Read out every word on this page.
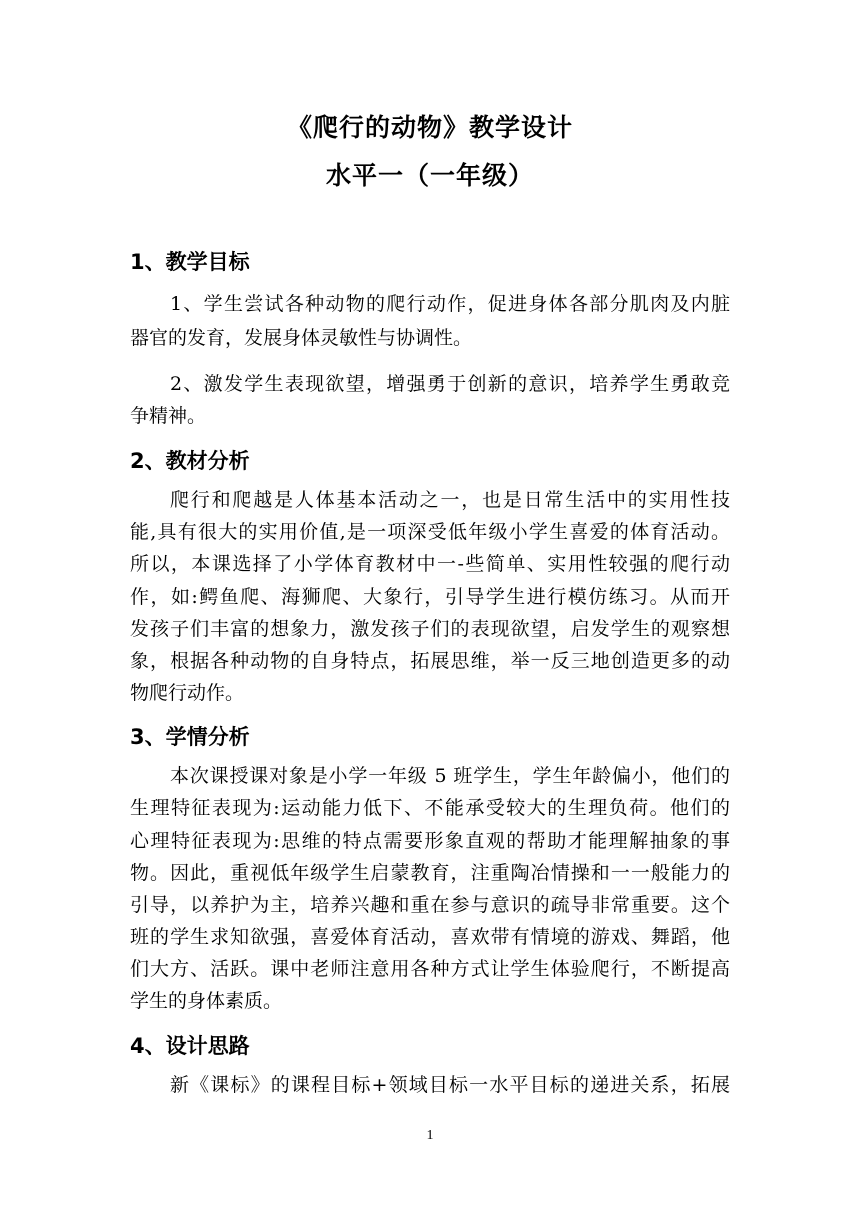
《爬行的动物》教学设计
水平一（一年级）
1、教学目标
1、学生尝试各种动物的爬行动作，促进身体各部分肌肉及内脏
器官的发育，发展身体灵敏性与协调性。
2、激发学生表现欲望，增强勇于创新的意识，培养学生勇敢竞
争精神。
2、教材分析
爬行和爬越是人体基本活动之一，也是日常生活中的实用性技
能,具有很大的实用价值,是一项深受低年级小学生喜爱的体育活动。
所以，本课选择了小学体育教材中一-些简单、实用性较强的爬行动
作，如:鳄鱼爬、海狮爬、大象行，引导学生进行模仿练习。从而开
发孩子们丰富的想象力，激发孩子们的表现欲望，启发学生的观察想
象，根据各种动物的自身特点，拓展思维，举一反三地创造更多的动
物爬行动作。
3、学情分析
本次课授课对象是小学一年级 5 班学生，学生年龄偏小，他们的
生理特征表现为:运动能力低下、不能承受较大的生理负荷。他们的
心理特征表现为:思维的特点需要形象直观的帮助才能理解抽象的事
物。因此，重视低年级学生启蒙教育，注重陶冶情操和一一般能力的
引导，以养护为主，培养兴趣和重在参与意识的疏导非常重要。这个
班的学生求知欲强，喜爱体育活动，喜欢带有情境的游戏、舞蹈，他
们大方、活跃。课中老师注意用各种方式让学生体验爬行，不断提高
学生的身体素质。
4、设计思路
新《课标》的课程目标+领域目标一水平目标的递进关系，拓展
1
